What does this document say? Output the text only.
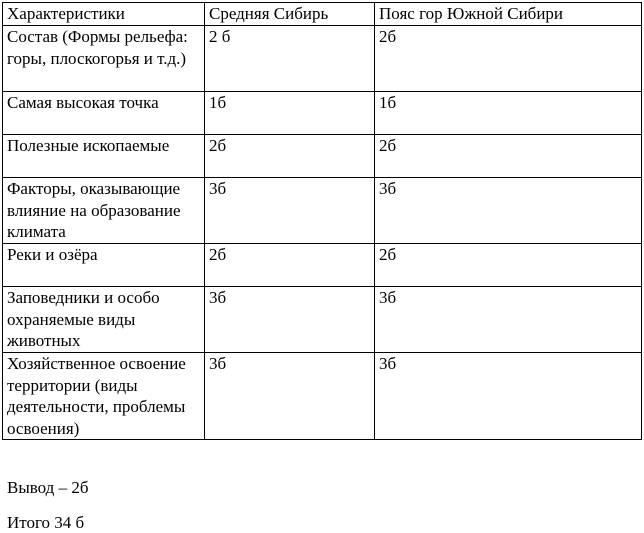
Характеристики	Средняя Сибирь	Пояс гор Южной Сибири
Состав (Формы рельефа: горы, плоскогорья и т.д.)	2 б	2б
Самая высокая точка	1б	1б
Полезные ископаемые	2б	2б
Факторы, оказывающие влияние на образование климата	3б	3б
Реки и озёра	2б	2б
Заповедники и особо охраняемые виды животных	3б	3б
Хозяйственное освоение территории (виды деятельности, проблемы освоения)	3б	3б

Вывод – 2б

Итого 34 б
